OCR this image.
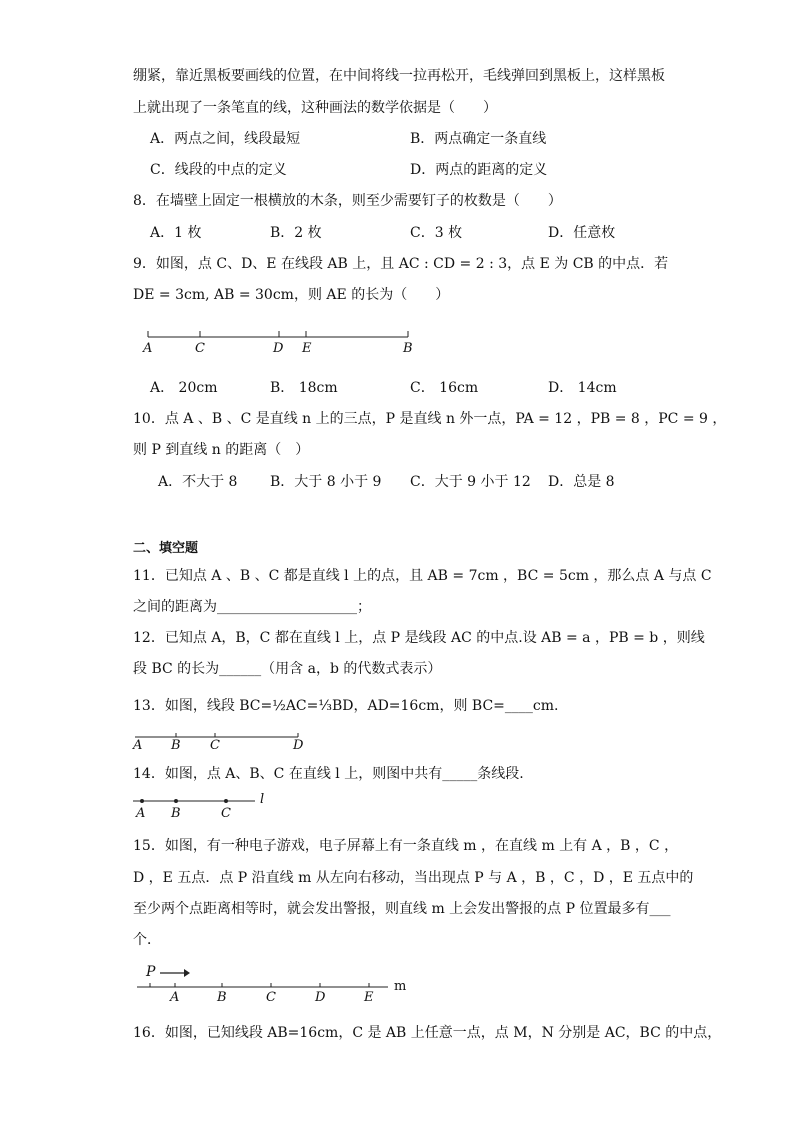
绷紧，靠近黑板要画线的位置，在中间将线一拉再松开，毛线弹回到黑板上，这样黑板
上就出现了一条笔直的线，这种画法的数学依据是（　　）
A．两点之间，线段最短	B．两点确定一条直线
C．线段的中点的定义	D．两点的距离的定义
8．在墙壁上固定一根横放的木条，则至少需要钉子的枚数是（　　）
A．1 枚	B．2 枚	C．3 枚	D．任意枚
9．如图，点 C、D、E 在线段 AB 上，且 AC : CD = 2 : 3，点 E 为 CB 的中点．若
DE = 3cm, AB = 30cm，则 AE 的长为（　　）
A	C	D E	B
A． 20cm	B． 18cm	C． 16cm	D． 14cm
10．点 A 、B 、C 是直线 n 上的三点，P 是直线 n 外一点，PA = 12 ，PB = 8 ，PC = 9 ，
则 P 到直线 n 的距离（　）
A．不大于 8 B．大于 8 小于 9 C．大于 9 小于 12 D．总是 8
二、填空题
11．已知点 A 、B 、C 都是直线 l 上的点，且 AB = 7cm ，BC = 5cm ，那么点 A 与点 C
之间的距离为____________________；
12．已知点 A，B，C 都在直线 l 上，点 P 是线段 AC 的中点.设 AB = a ，PB = b ，则线
段 BC 的长为______（用含 a，b 的代数式表示）
13．如图，线段 BC=½AC=⅓BD，AD=16cm，则 BC=____cm.
A B C	D
14．如图，点 A、B、C 在直线 l 上，则图中共有_____条线段.
A B	C
l
15．如图，有一种电子游戏，电子屏幕上有一条直线 m ，在直线 m 上有 A ，B ，C ，
D ，E 五点．点 P 沿直线 m 从左向右移动，当出现点 P 与 A ，B ，C ，D ，E 五点中的
至少两个点距离相等时，就会发出警报，则直线 m 上会发出警报的点 P 位置最多有___
个．
P
A	B	C	D	E
m
16．如图，已知线段 AB=16cm，C 是 AB 上任意一点，点 M，N 分别是 AC，BC 的中点，
